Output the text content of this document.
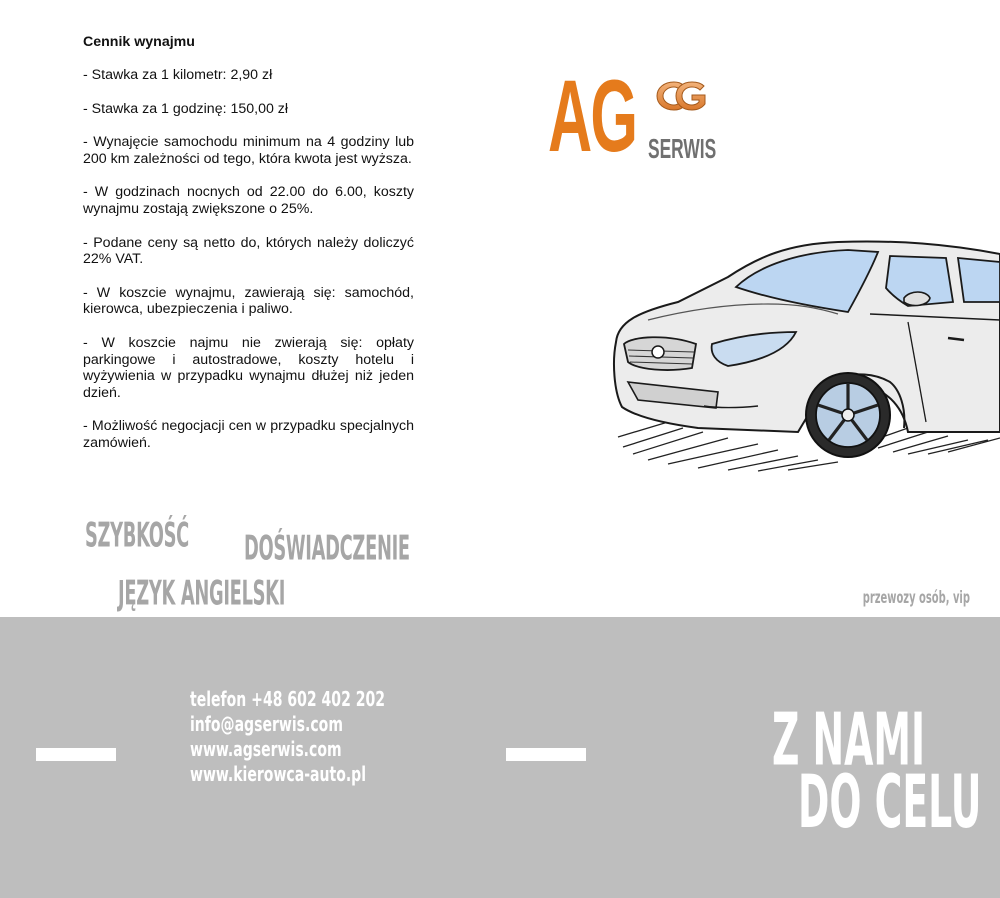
Cennik wynajmu

- Stawka za 1 kilometr: 2,90 zł

- Stawka za 1 godzinę: 150,00 zł

- Wynajęcie samochodu minimum na 4 godziny lub 200 km zależności od tego, która kwota jest wyższa.

- W godzinach nocnych od 22.00 do 6.00, koszty wynajmu zostają zwiększone o 25%.

- Podane ceny są netto do, których należy doliczyć 22% VAT.

- W koszcie wynajmu, zawierają się: samochód, kierowca, ubezpieczenia i paliwo.

- W koszcie najmu nie zwierają się: opłaty parkingowe i autostradowe, koszty hotelu i wyżywienia w przypadku wynajmu dłużej niż jeden dzień.

- Możliwość negocjacji cen w przypadku specjalnych zamówień.

SZYBKOŚĆ DOŚWIADCZENIE
JĘZYK ANGIELSKI
AG SERWIS
przewozy osób, vip
telefon +48 602 402 202
info@agserwis.com
www.agserwis.com
www.kierowca-auto.pl	Z NAMI
DO CELU
